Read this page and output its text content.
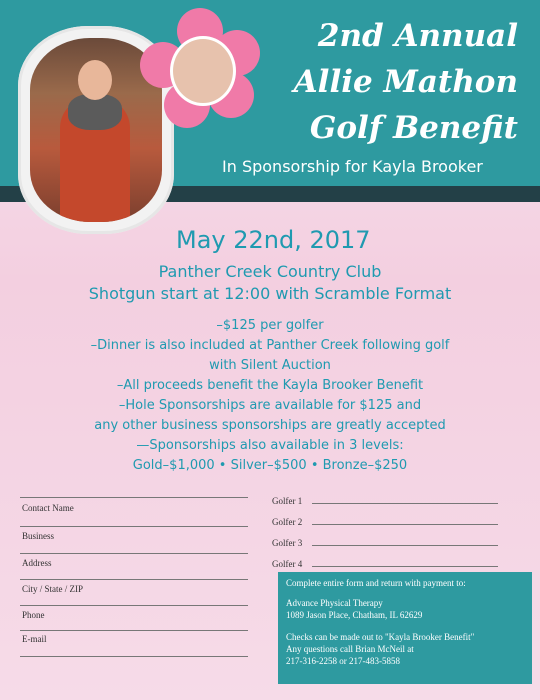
2nd Annual
Allie Mathon
Golf Benefit
In Sponsorship for Kayla Brooker
May 22nd, 2017
Panther Creek Country Club
Shotgun start at 12:00 with Scramble Format
–$125 per golfer
–Dinner is also included at Panther Creek following golf
with Silent Auction
–All proceeds benefit the Kayla Brooker Benefit
–Hole Sponsorships are available for $125 and
any other business sponsorships are greatly accepted
—Sponsorships also available in 3 levels:
Gold–$1,000 • Silver–$500 • Bronze–$250
Contact Name
Business
Address
City / State / ZIP
Phone
E-mail
Golfer 1
Golfer 2
Golfer 3
Golfer 4
Complete entire form and return with payment to:
Advance Physical Therapy
1089 Jason Place, Chatham, IL 62629
Checks can be made out to "Kayla Brooker Benefit"
Any questions call Brian McNeil at
217-316-2258 or 217-483-5858
